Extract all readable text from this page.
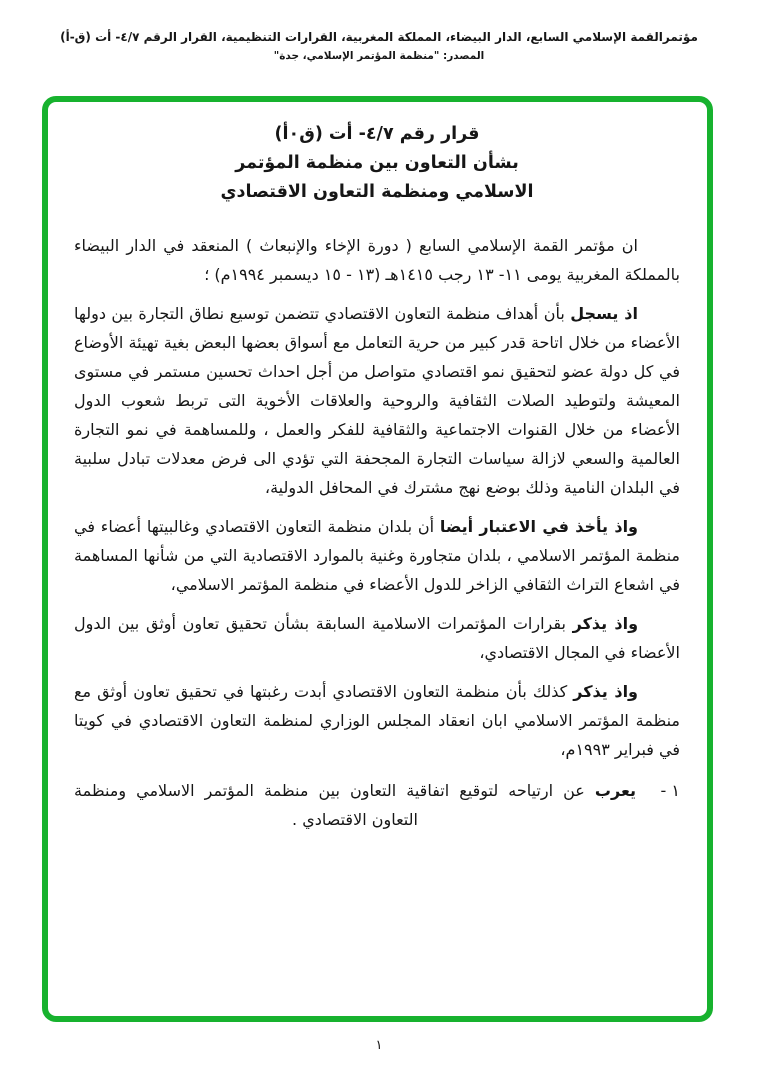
مؤتمرالقمة الإسلامي السابع، الدار البيضاء، المملكة المغربية، القرارات التنظيمية، القرار الرقم ٤/٧- أت (ق-أ)
المصدر: "منظمة المؤتمر الإسلامي، جدة"
قرار رقم ٤/٧- أت (ق٠أ)
بشأن التعاون بين منظمة المؤتمر
الاسلامي ومنظمة التعاون الاقتصادي

ان مؤتمر القمة الإسلامي السابع ( دورة الإخاء والإنبعاث ) المنعقد في الدار البيضاء بالمملكة المغربية يومى ١١- ١٣ رجب ١٤١٥هـ (١٣ - ١٥ ديسمبر ١٩٩٤م) ؛

اذ يسجل بأن أهداف منظمة التعاون الاقتصادي تتضمن توسيع نطاق التجارة بين دولها الأعضاء من خلال اتاحة قدر كبير من حرية التعامل مع أسواق بعضها البعض بغية تهيئة الأوضاع في كل دولة عضو لتحقيق نمو اقتصادي متواصل من أجل احداث تحسين مستمر في مستوى المعيشة ولتوطيد الصلات الثقافية والروحية والعلاقات الأخوية التى تربط شعوب الدول الأعضاء من خلال القنوات الاجتماعية والثقافية للفكر والعمل ، وللمساهمة في نمو التجارة العالمية والسعي لازالة سياسات التجارة المجحفة التي تؤدي الى فرض معدلات تبادل سلبية في البلدان النامية وذلك بوضع نهج مشترك في المحافل الدولية،

واذ يأخذ في الاعتبار أيضا أن بلدان منظمة التعاون الاقتصادي وغالبيتها أعضاء في منظمة المؤتمر الاسلامي ، بلدان متجاورة وغنية بالموارد الاقتصادية التي من شأنها المساهمة في اشعاع التراث الثقافي الزاخر للدول الأعضاء في منظمة المؤتمر الاسلامي،

واذ يذكر بقرارات المؤتمرات الاسلامية السابقة بشأن تحقيق تعاون أوثق بين الدول الأعضاء في المجال الاقتصادي،

واذ يذكر كذلك بأن منظمة التعاون الاقتصادي أبدت رغبتها في تحقيق تعاون أوثق مع منظمة المؤتمر الاسلامي ابان انعقاد المجلس الوزاري لمنظمة التعاون الاقتصادي في كويتا في فبراير ١٩٩٣م،

١ -

يعرب عن ارتياحه لتوقيع اتفاقية التعاون بين منظمة المؤتمر الاسلامي ومنظمة التعاون الاقتصادي .

١
